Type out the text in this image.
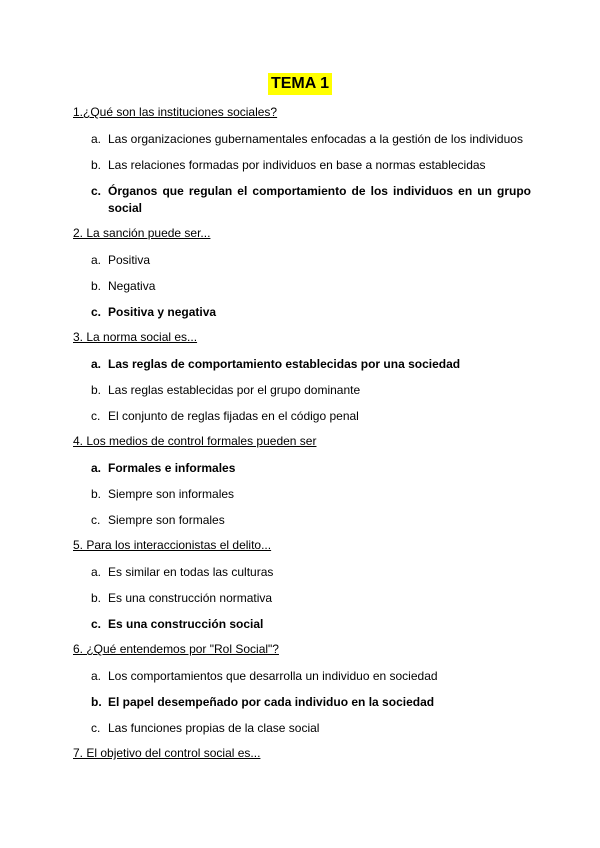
TEMA 1
1.¿Qué son las instituciones sociales?
a. Las organizaciones gubernamentales enfocadas a la gestión de los individuos
b. Las relaciones formadas por individuos en base a normas establecidas
c. Órganos que regulan el comportamiento de los individuos en un grupo social
2. La sanción puede ser...
a. Positiva
b. Negativa
c. Positiva y negativa
3. La norma social es...
a. Las reglas de comportamiento establecidas por una sociedad
b. Las reglas establecidas por el grupo dominante
c. El conjunto de reglas fijadas en el código penal
4. Los medios de control formales pueden ser
a. Formales e informales
b. Siempre son informales
c. Siempre son formales
5. Para los interaccionistas el delito...
a. Es similar en todas las culturas
b. Es una construcción normativa
c. Es una construcción social
6. ¿Qué entendemos por "Rol Social"?
a. Los comportamientos que desarrolla un individuo en sociedad
b. El papel desempeñado por cada individuo en la sociedad
c. Las funciones propias de la clase social
7. El objetivo del control social es...
